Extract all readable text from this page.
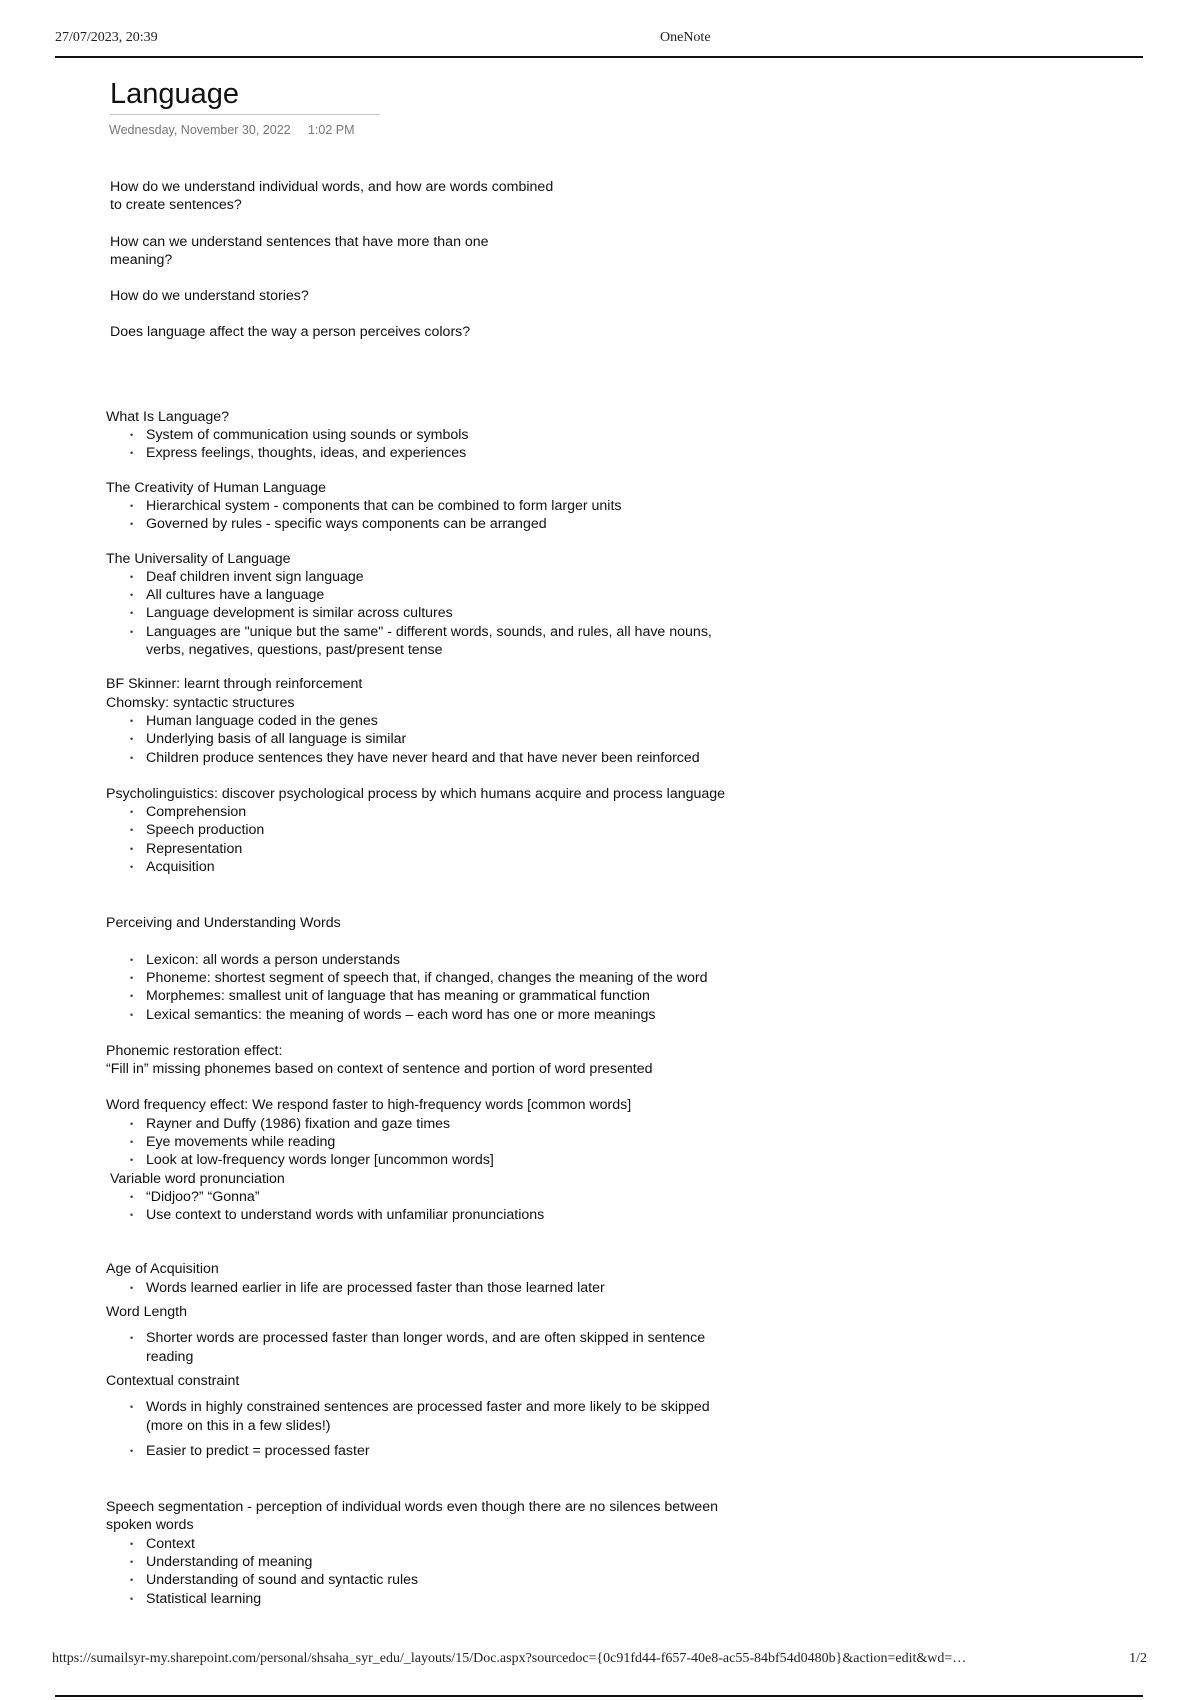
27/07/2023, 20:39	OneNote
Language
Wednesday, November 30, 2022     1:02 PM

How do we understand individual words, and how are words combined
to create sentences?

How can we understand sentences that have more than one
meaning?

How do we understand stories?

Does language affect the way a person perceives colors?

What Is Language?

• System of communication using sounds or symbols
• Express feelings, thoughts, ideas, and experiences

The Creativity of Human Language

• Hierarchical system - components that can be combined to form larger units
• Governed by rules - specific ways components can be arranged

The Universality of Language

• Deaf children invent sign language
• All cultures have a language
• Language development is similar across cultures
• Languages are "unique but the same" - different words, sounds, and rules, all have nouns,
verbs, negatives, questions, past/present tense

BF Skinner: learnt through reinforcement

Chomsky: syntactic structures

• Human language coded in the genes
• Underlying basis of all language is similar
• Children produce sentences they have never heard and that have never been reinforced

Psycholinguistics: discover psychological process by which humans acquire and process language

• Comprehension
• Speech production
• Representation
• Acquisition

Perceiving and Understanding Words

• Lexicon: all words a person understands
• Phoneme: shortest segment of speech that, if changed, changes the meaning of the word
• Morphemes: smallest unit of language that has meaning or grammatical function
• Lexical semantics: the meaning of words – each word has one or more meanings

Phonemic restoration effect:

“Fill in” missing phonemes based on context of sentence and portion of word presented

Word frequency effect: We respond faster to high-frequency words [common words]

• Rayner and Duffy (1986) fixation and gaze times
• Eye movements while reading
• Look at low-frequency words longer [uncommon words]

Variable word pronunciation

• “Didjoo?” “Gonna”
• Use context to understand words with unfamiliar pronunciations

Age of Acquisition

• Words learned earlier in life are processed faster than those learned later

Word Length

• Shorter words are processed faster than longer words, and are often skipped in sentence
reading

Contextual constraint

• Words in highly constrained sentences are processed faster and more likely to be skipped
(more on this in a few slides!)
• Easier to predict = processed faster

Speech segmentation - perception of individual words even though there are no silences between

spoken words

• Context
• Understanding of meaning
• Understanding of sound and syntactic rules
• Statistical learning
https://sumailsyr-my.sharepoint.com/personal/shsaha_syr_edu/_layouts/15/Doc.aspx?sourcedoc={0c91fd44-f657-40e8-ac55-84bf54d0480b}&action=edit&wd=…	1/2
